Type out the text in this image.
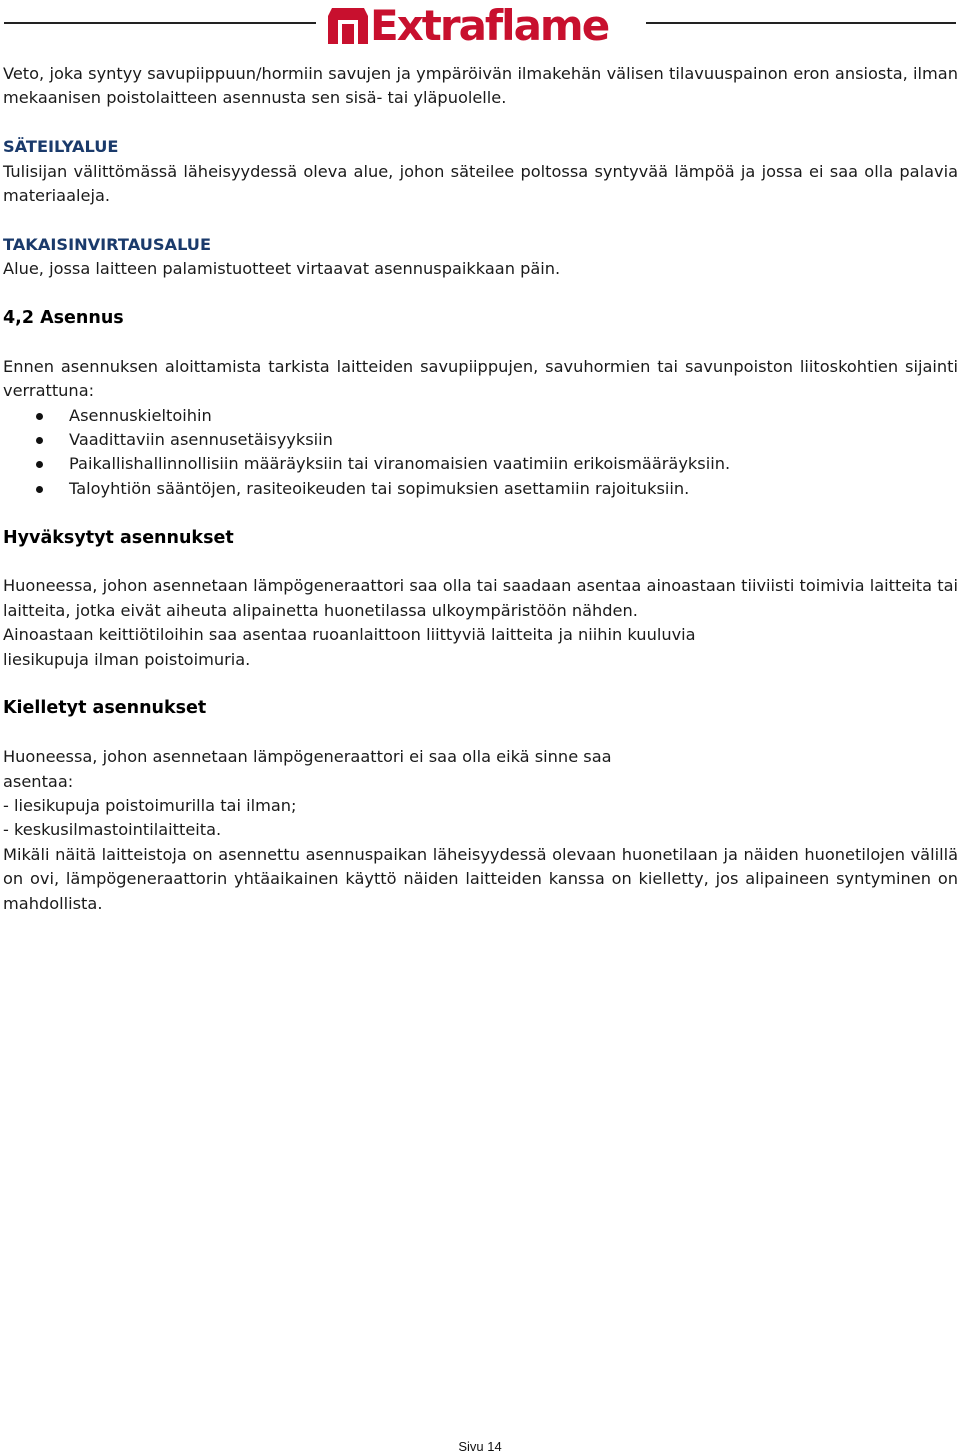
Extraflame

Veto, joka syntyy savupiippuun/hormiin savujen ja ympäröivän ilmakehän välisen tilavuuspainon eron ansiosta, ilman mekaanisen poistolaitteen asennusta sen sisä- tai yläpuolelle.

SÄTEILYALUE

Tulisijan välittömässä läheisyydessä oleva alue, johon säteilee poltossa syntyvää lämpöä ja jossa ei saa olla palavia materiaaleja.

TAKAISINVIRTAUSALUE

Alue, jossa laitteen palamistuotteet virtaavat asennuspaikkaan päin.

4,2 Asennus

Ennen asennuksen aloittamista tarkista laitteiden savupiippujen, savuhormien tai savunpoiston liitoskohtien sijainti verrattuna:

Asennuskieltoihin
Vaadittaviin asennusetäisyyksiin
Paikallishallinnollisiin määräyksiin tai viranomaisien vaatimiin erikoismääräyksiin.
Taloyhtiön sääntöjen, rasiteoikeuden tai sopimuksien asettamiin rajoituksiin.

Hyväksytyt asennukset

Huoneessa, johon asennetaan lämpögeneraattori saa olla tai saadaan asentaa ainoastaan tiiviisti toimivia laitteita tai laitteita, jotka eivät aiheuta alipainetta huonetilassa ulkoympäristöön nähden.

Ainoastaan keittiötiloihin saa asentaa ruoanlaittoon liittyviä laitteita ja niihin kuuluvia

liesikupuja ilman poistoimuria.

Kielletyt asennukset

Huoneessa, johon asennetaan lämpögeneraattori ei saa olla eikä sinne saa

asentaa:

- liesikupuja poistoimurilla tai ilman;

- keskusilmastointilaitteita.

Mikäli näitä laitteistoja on asennettu asennuspaikan läheisyydessä olevaan huonetilaan ja näiden huonetilojen välillä on ovi, lämpögeneraattorin yhtäaikainen käyttö näiden laitteiden kanssa on kielletty, jos alipaineen syntyminen on mahdollista.

Sivu 14
